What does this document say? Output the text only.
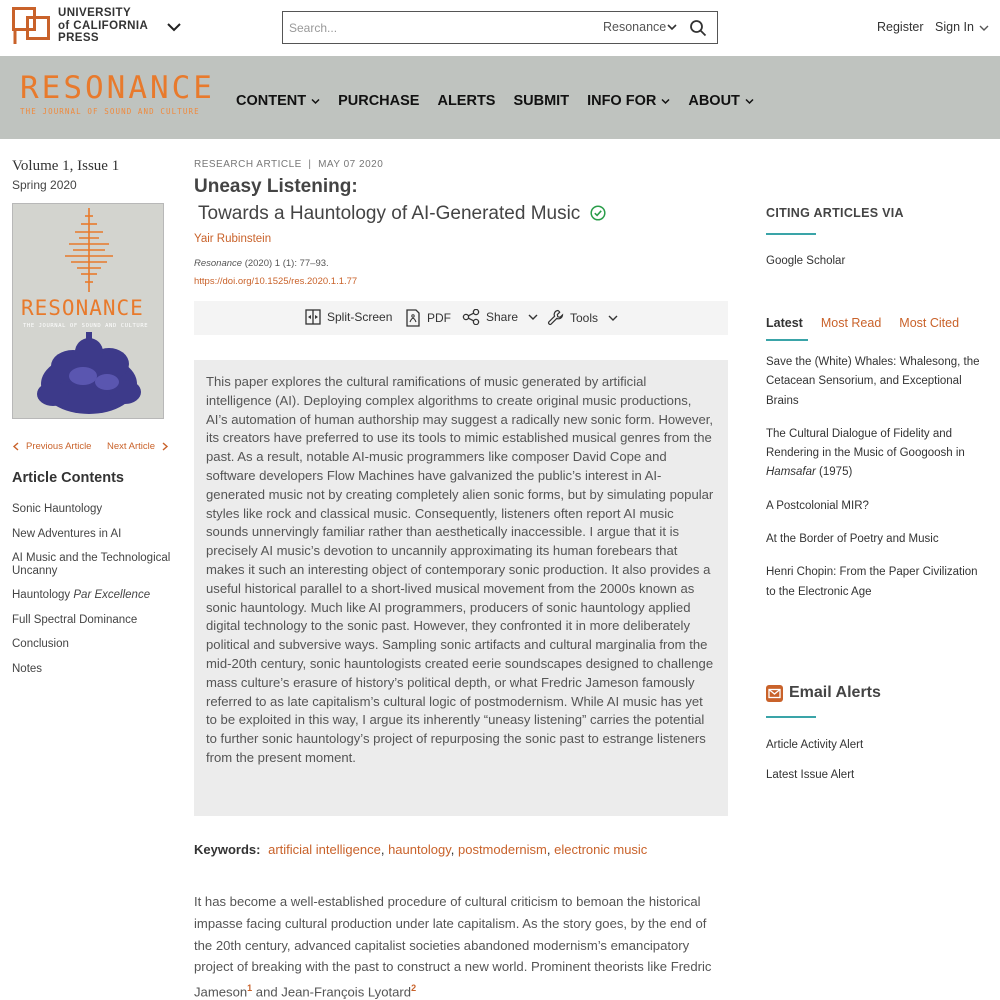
UNIVERSITY
of CALIFORNIA
PRESS
Search...
Resonance	Register Sign In
RESONANCE
THE JOURNAL OF SOUND AND CULTURE
CONTENT PURCHASE ALERTS SUBMIT INFO FOR ABOUT
Volume 1, Issue 1
Spring 2020
RESONANCE
THE JOURNAL OF SOUND AND CULTURE
Previous Article Next Article
Article Contents
Sonic Hauntology
New Adventures in AI
AI Music and the Technological Uncanny
Hauntology Par Excellence
Full Spectral Dominance
Conclusion
Notes
RESEARCH ARTICLE | MAY 07 2020
Uneasy Listening:
Towards a Hauntology of AI-Generated Music
Yair Rubinstein
Resonance (2020) 1 (1): 77–93.
https://doi.org/10.1525/res.2020.1.1.77
Split-Screen	PDF	Share	Tools

This paper explores the cultural ramifications of music generated by artificial intelligence (AI). Deploying complex algorithms to create original music productions, AI’s automation of human authorship may suggest a radically new sonic form. However, its creators have preferred to use its tools to mimic established musical genres from the past. As a result, notable AI-music programmers like composer David Cope and software developers Flow Machines have galvanized the public’s interest in AI-generated music not by creating completely alien sonic forms, but by simulating popular styles like rock and classical music. Consequently, listeners often report AI music sounds unnervingly familiar rather than aesthetically inaccessible. I argue that it is precisely AI music’s devotion to uncannily approximating its human forebears that makes it such an interesting object of contemporary sonic production. It also provides a useful historical parallel to a short-lived musical movement from the 2000s known as sonic hauntology. Much like AI programmers, producers of sonic hauntology applied digital technology to the sonic past. However, they confronted it in more deliberately political and subversive ways. Sampling sonic artifacts and cultural marginalia from the mid-20th century, sonic hauntologists created eerie soundscapes designed to challenge mass culture’s erasure of history’s political depth, or what Fredric Jameson famously referred to as late capitalism’s cultural logic of postmodernism. While AI music has yet to be exploited in this way, I argue its inherently “uneasy listening” carries the potential to further sonic hauntology’s project of repurposing the sonic past to estrange listeners from the present moment.

Keywords: artificial intelligence, hauntology, postmodernism, electronic music
It has become a well-established procedure of cultural criticism to bemoan the historical impasse facing cultural production under late capitalism. As the story goes, by the end of the 20th century, advanced capitalist societies abandoned modernism’s emancipatory project of breaking with the past to construct a new world. Prominent theorists like Fredric Jameson$^1$ and Jean-François Lyotard$^2$
CITING ARTICLES VIA
Google Scholar
Latest Most Read Most Cited
Save the (White) Whales: Whalesong, the Cetacean Sensorium, and Exceptional Brains
The Cultural Dialogue of Fidelity and Rendering in the Music of Googoosh in Hamsafar (1975)
A Postcolonial MIR?
At the Border of Poetry and Music
Henri Chopin: From the Paper Civilization to the Electronic Age
Email Alerts
Article Activity Alert
Latest Issue Alert
